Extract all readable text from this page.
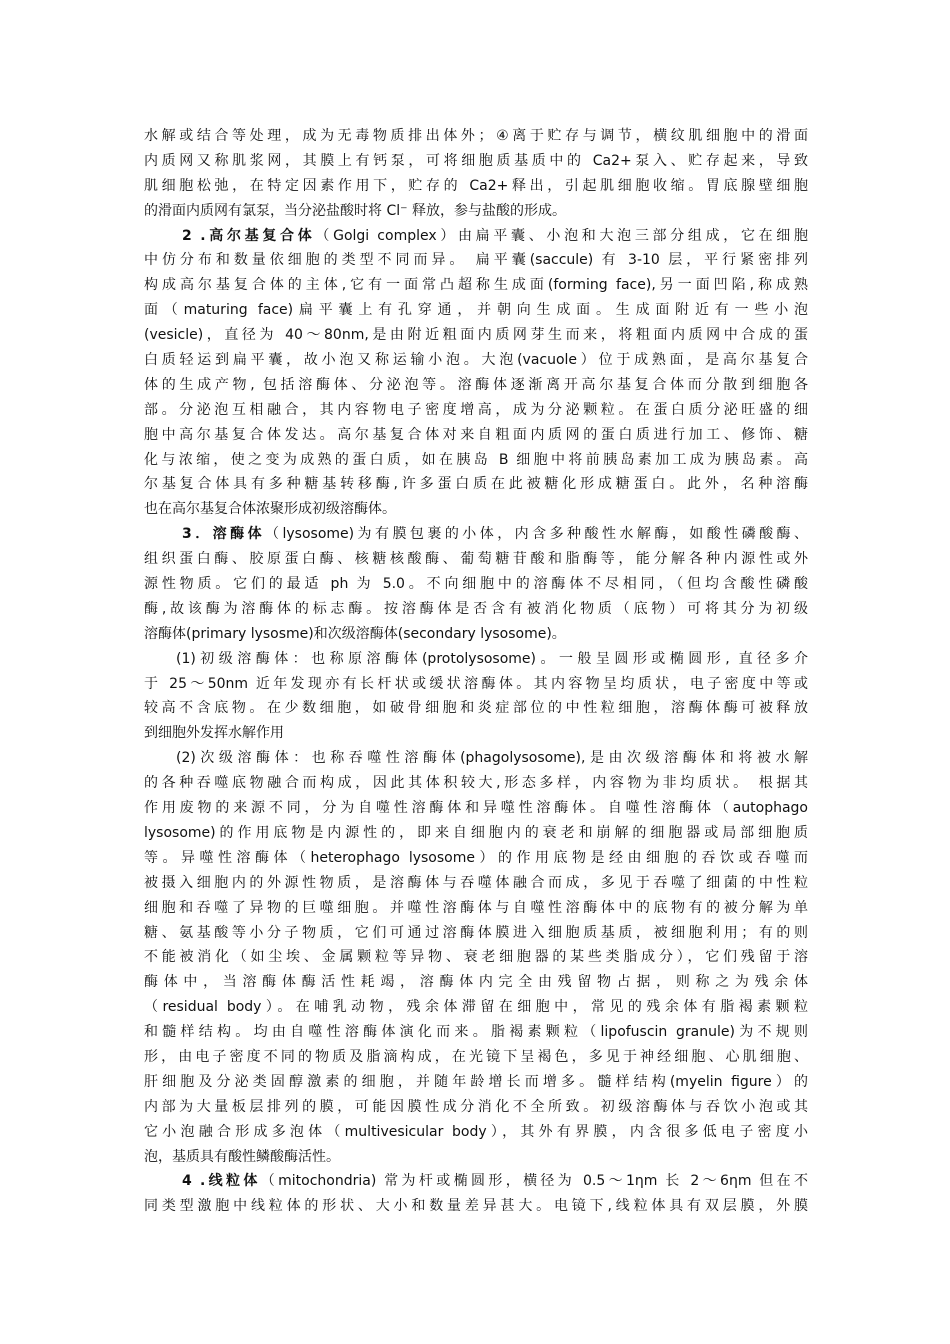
水解或结合等处理，成为无毒物质排出体外；④离于贮存与调节，横纹肌细胞中的滑面
内质网又称肌浆网，其膜上有钙泵，可将细胞质基质中的 Ca2+泵入、贮存起来，导致
肌细胞松弛，在特定因素作用下，贮存的 Ca2+释出，引起肌细胞收缩。胃底腺壁细胞
的滑面内质网有氯泵，当分泌盐酸时将 Cl⁻ 释放，参与盐酸的形成。
2 .高尔基复合体（Golgi complex）由扁平囊、小泡和大泡三部分组成，它在细胞
中仿分布和数量依细胞的类型不同而异。 扁平囊(saccule) 有 3-10 层，平行紧密排列
构成高尔基复合体的主体,它有一面常凸超称生成面(forming face),另一面凹陷,称成熟
面（maturing face)扁平囊上有孔穿通，并朝向生成面。生成面附近有一些小泡
(vesicle)，直径为 40～80nm,是由附近粗面内质网芽生而来，将粗面内质网中合成的蛋
白质轻运到扁平囊，故小泡又称运输小泡。大泡(vacuole）位于成熟面，是高尔基复合
体的生成产物, 包括溶酶体、分泌泡等。溶酶体逐渐离开高尔基复合体而分散到细胞各
部。分泌泡互相融合，其内容物电子密度增高，成为分泌颗粒。在蛋白质分泌旺盛的细
胞中高尔基复合体发达。高尔基复合体对来自粗面内质网的蛋白质进行加工、修饰、糖
化与浓缩，使之变为成熟的蛋白质，如在胰岛 B 细胞中将前胰岛素加工成为胰岛素。高
尔基复合体具有多种糖基转移酶,许多蛋白质在此被糖化形成糖蛋白。此外，名种溶酶
也在高尔基复合体浓聚形成初级溶酶体。
3．溶酶体（lysosome)为有膜包裹的小体，内含多种酸性水解酶，如酸性磷酸酶、
组织蛋白酶、胶原蛋白酶、核糖核酸酶、葡萄糖苷酸和脂酶等，能分解各种内源性或外
源性物质。它们的最适 ph 为 5.0。不向细胞中的溶酶体不尽相同，（但均含酸性磷酸
酶,故该酶为溶酶体的标志酶。按溶酶体是否含有被消化物质（底物）可将其分为初级
溶酶体(primary lysosme)和次级溶酶体(secondary lysosome)。
(1)初级溶酶体：也称原溶酶体(protolysosome)。一般呈圆形或椭圆形, 直径多介
于 25～50nm 近年发现亦有长杆状或缓状溶酶体。其内容物呈均质状，电子密度中等或
较高不含底物。在少数细胞，如破骨细胞和炎症部位的中性粒细胞，溶酶体酶可被释放
到细胞外发挥水解作用
(2)次级溶酶体：也称吞噬性溶酶体(phagolysosome),是由次级溶酶体和将被水解
的各种吞噬底物融合而构成，因此其体积较大,形态多样，内容物为非均质状。 根据其
作用废物的来源不同，分为自噬性溶酶体和异噬性溶酶体。自噬性溶酶体（autophago
lysosome)的作用底物是内源性的，即来自细胞内的衰老和崩解的细胞器或局部细胞质
等。异噬性溶酶体（heterophago lysosome）的作用底物是经由细胞的吞饮或吞噬而
被摄入细胞内的外源性物质，是溶酶体与吞噬体融合而成，多见于吞噬了细菌的中性粒
细胞和吞噬了异物的巨噬细胞。并噬性溶酶体与自噬性溶酶体中的底物有的被分解为单
糖、氨基酸等小分子物质，它们可通过溶酶体膜进入细胞质基质，被细胞利用；有的则
不能被消化（如尘埃、金属颗粒等异物、衰老细胞器的某些类脂成分），它们残留于溶
酶体中，当溶酶体酶活性耗竭，溶酶体内完全由残留物占据，则称之为残余体
（residual body）。在哺乳动物，残余体滞留在细胞中，常见的残余体有脂褐素颗粒
和髓样结构。均由自噬性溶酶体演化而来。脂褐素颗粒（lipofuscin granule)为不规则
形，由电子密度不同的物质及脂滴构成，在光镜下呈褐色，多见于神经细胞、心肌细胞、
肝细胞及分泌类固醇激素的细胞，并随年龄增长而增多。髓样结构(myelin figure）的
内部为大量板层排列的膜，可能因膜性成分消化不全所致。初级溶酶体与吞饮小泡或其
它小泡融合形成多泡体（multivesicular body），其外有界膜，内含很多低电子密度小
泡，基质具有酸性鳞酸酶活性。
4 .线粒体（mitochondria) 常为杆或椭圆形，横径为 0.5～1ηm 长 2～6ηm 但在不
同类型激胞中线粒体的形状、大小和数量差异甚大。电镜下,线粒体具有双层膜，外膜
